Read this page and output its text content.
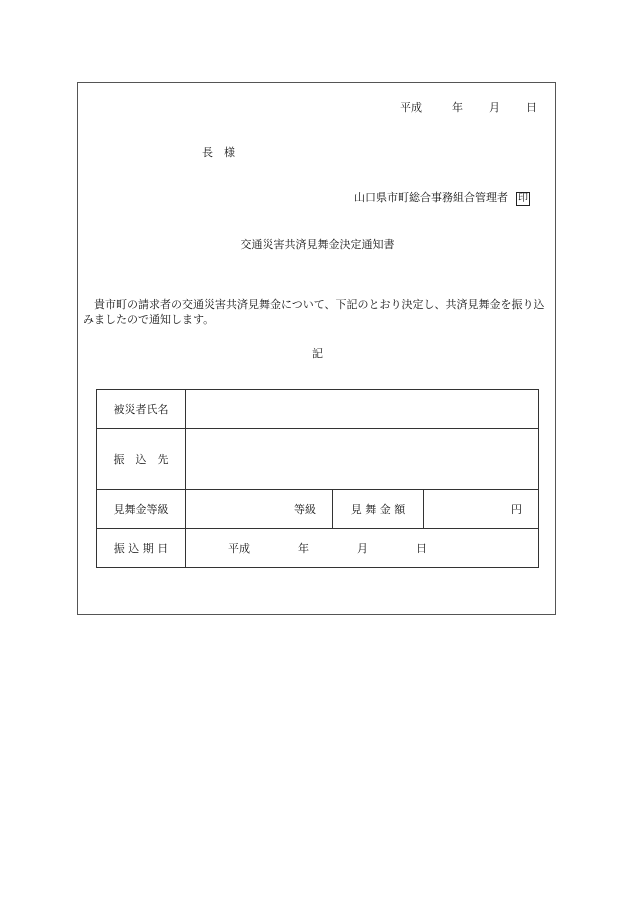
平成	年 月 日
長　様
山口県市町総合事務組合管理者 印
交通災害共済見舞金決定通知書
貴市町の請求者の交通災害共済見舞金について、下記のとおり決定し、共済見舞金を振り込みましたので通知します。
記
被災者氏名			
振　込　先			
見舞金等級	等級	見 舞 金 額	円
振 込 期 日	平成 年 月 日		
